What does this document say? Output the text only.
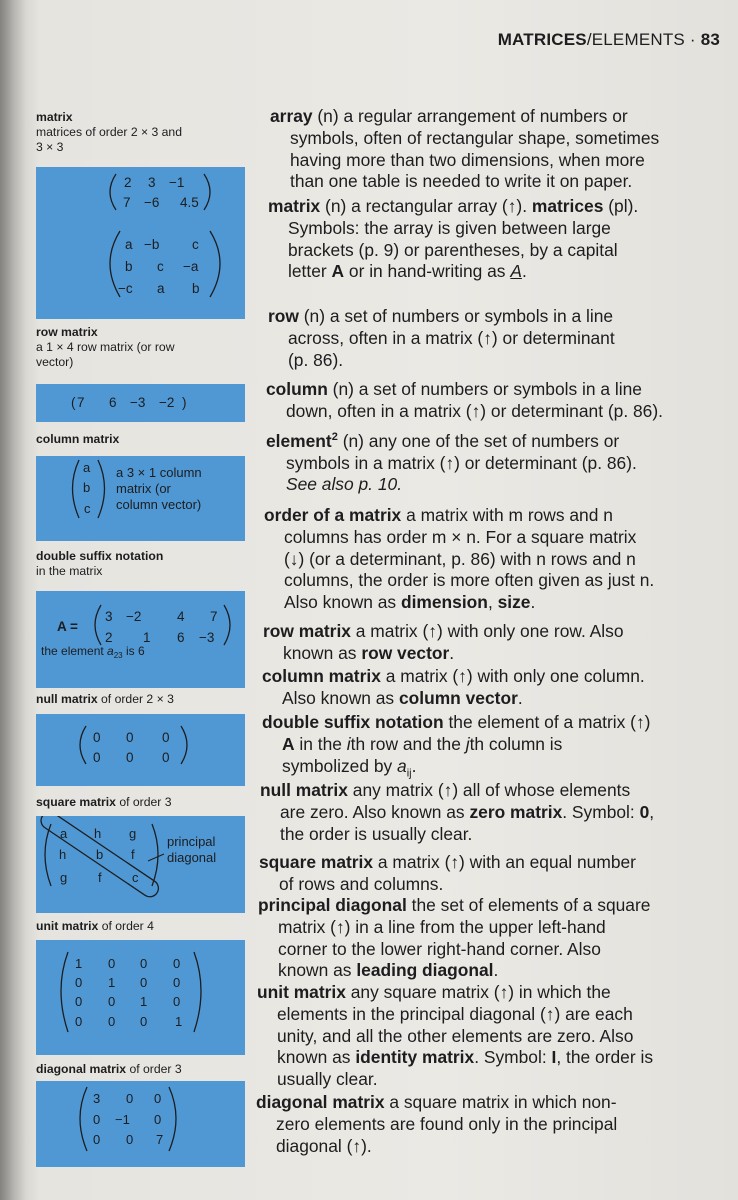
MATRICES/ELEMENTS · 83
matrix
matrices of order 2 × 3 and
3 × 3
2 3 −1
7 −6 4.5
a −b c
b c −a
−c a b
row matrix
a 1 × 4 row matrix (or row
vector)
( 7 6 −3 −2 )
column matrix
a
b
c
a 3 × 1 column
matrix (or
column vector)
double suffix notation
in the matrix
A =
3 −2	4 7
2 1 6 −3
the element $a_{23}$ is 6
null matrix of order 2 × 3
0 0 0
0 0 0
square matrix of order 3
a h g
h b f
g f c
principal
diagonal
unit matrix of order 4
1 0 0 0
0 1 0 0
0 0 1 0
0 0 0 1
diagonal matrix of order 3
3 0 0
0 −1 0
0 0 7
array (n) a regular arrangement of numbers or
symbols, often of rectangular shape, sometimes
having more than two dimensions, when more
than one table is needed to write it on paper.
matrix (n) a rectangular array (↑). matrices (pl).
Symbols: the array is given between large
brackets (p. 9) or parentheses, by a capital
letter A or in hand-writing as A.
row (n) a set of numbers or symbols in a line
across, often in a matrix (↑) or determinant
(p. 86).
column (n) a set of numbers or symbols in a line
down, often in a matrix (↑) or determinant (p. 86).
element$^2$ (n) any one of the set of numbers or
symbols in a matrix (↑) or determinant (p. 86).
See also p. 10.
order of a matrix a matrix with m rows and n
columns has order m × n. For a square matrix
(↓) (or a determinant, p. 86) with n rows and n
columns, the order is more often given as just n.
Also known as dimension, size.
row matrix a matrix (↑) with only one row. Also
known as row vector.
column matrix a matrix (↑) with only one column.
Also known as column vector.
double suffix notation the element of a matrix (↑)
A in the ith row and the jth column is
symbolized by $a_{ij}$.
null matrix any matrix (↑) all of whose elements
are zero. Also known as zero matrix. Symbol: 0,
the order is usually clear.
square matrix a matrix (↑) with an equal number
of rows and columns.
principal diagonal the set of elements of a square
matrix (↑) in a line from the upper left-hand
corner to the lower right-hand corner. Also
known as leading diagonal.
unit matrix any square matrix (↑) in which the
elements in the principal diagonal (↑) are each
unity, and all the other elements are zero. Also
known as identity matrix. Symbol: I, the order is
usually clear.
diagonal matrix a square matrix in which non-
zero elements are found only in the principal
diagonal (↑).
